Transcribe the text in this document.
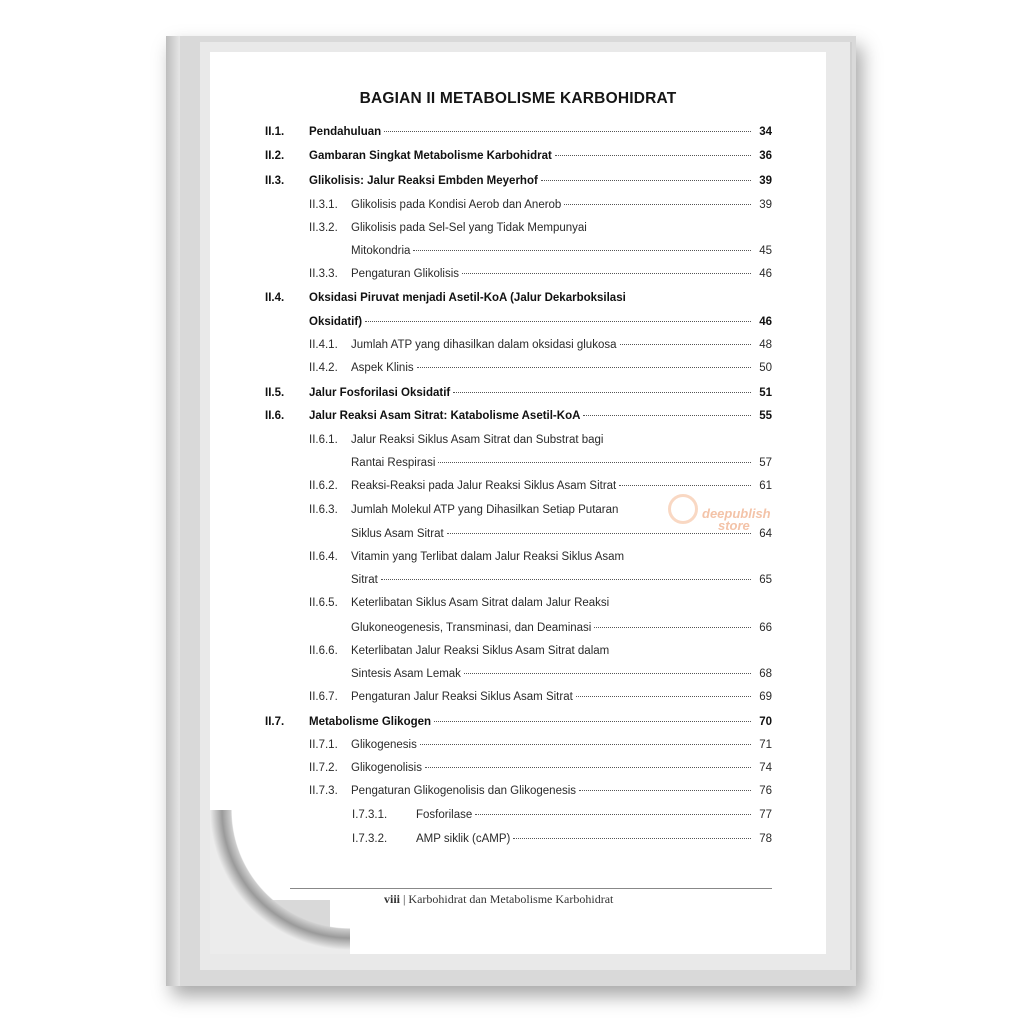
BAGIAN II METABOLISME KARBOHIDRAT
II.1.	Pendahuluan	34
II.2.	Gambaran Singkat Metabolisme Karbohidrat	36
II.3.	Glikolisis: Jalur Reaksi Embden Meyerhof	39
II.3.1.	Glikolisis pada Kondisi Aerob dan Anerob	39
II.3.2.	Glikolisis pada Sel-Sel yang Tidak Mempunyai
Mitokondria	45
II.3.3.	Pengaturan Glikolisis	46
II.4.	Oksidasi Piruvat menjadi Asetil-KoA (Jalur Dekarboksilasi
Oksidatif)	46
II.4.1.	Jumlah ATP yang dihasilkan dalam oksidasi glukosa	48
II.4.2.	Aspek Klinis	50
II.5.	Jalur Fosforilasi Oksidatif	51
II.6.	Jalur Reaksi Asam Sitrat: Katabolisme Asetil-KoA	55
II.6.1.	Jalur Reaksi Siklus Asam Sitrat dan Substrat bagi
Rantai Respirasi	57
II.6.2.	Reaksi-Reaksi pada Jalur Reaksi Siklus Asam Sitrat	61
II.6.3.	Jumlah Molekul ATP yang Dihasilkan Setiap Putaran
Siklus Asam Sitrat	64
II.6.4.	Vitamin yang Terlibat dalam Jalur Reaksi Siklus Asam
Sitrat	65
II.6.5.	Keterlibatan Siklus Asam Sitrat dalam Jalur Reaksi
Glukoneogenesis, Transminasi, dan Deaminasi	66
II.6.6.	Keterlibatan Jalur Reaksi Siklus Asam Sitrat dalam
Sintesis Asam Lemak	68
II.6.7.	Pengaturan Jalur Reaksi Siklus Asam Sitrat	69
II.7.	Metabolisme Glikogen	70
II.7.1.	Glikogenesis	71
II.7.2.	Glikogenolisis	74
II.7.3.	Pengaturan Glikogenolisis dan Glikogenesis	76
I.7.3.1.	Fosforilase	77
I.7.3.2.	AMP siklik (cAMP)	78
deepublish
store
viii | Karbohidrat dan Metabolisme Karbohidrat
